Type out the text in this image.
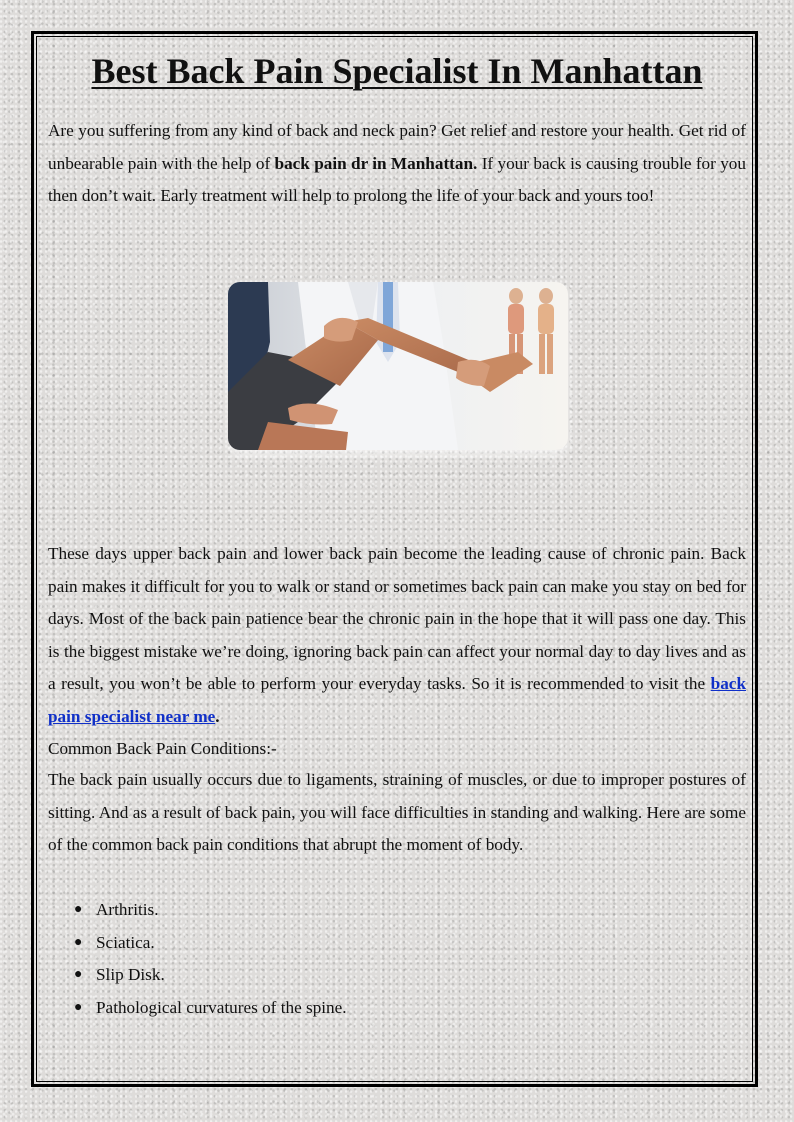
Best Back Pain Specialist In Manhattan

Are you suffering from any kind of back and neck pain? Get relief and restore your health. Get rid of unbearable pain with the help of back pain dr in Manhattan. If your back is causing trouble for you then don’t wait. Early treatment will help to prolong the life of your back and yours too!

These days upper back pain and lower back pain become the leading cause of chronic pain. Back pain makes it difficult for you to walk or stand or sometimes back pain can make you stay on bed for days. Most of the back pain patience bear the chronic pain in the hope that it will pass one day. This is the biggest mistake we’re doing, ignoring back pain can affect your normal day to day lives and as a result, you won’t be able to perform your everyday tasks. So it is recommended to visit the back pain specialist near me.

Common Back Pain Conditions:-

The back pain usually occurs due to ligaments, straining of muscles, or due to improper postures of sitting. And as a result of back pain, you will face difficulties in standing and walking. Here are some of the common back pain conditions that abrupt the moment of body.

● Arthritis.
● Sciatica.
● Slip Disk.
● Pathological curvatures of the spine.
